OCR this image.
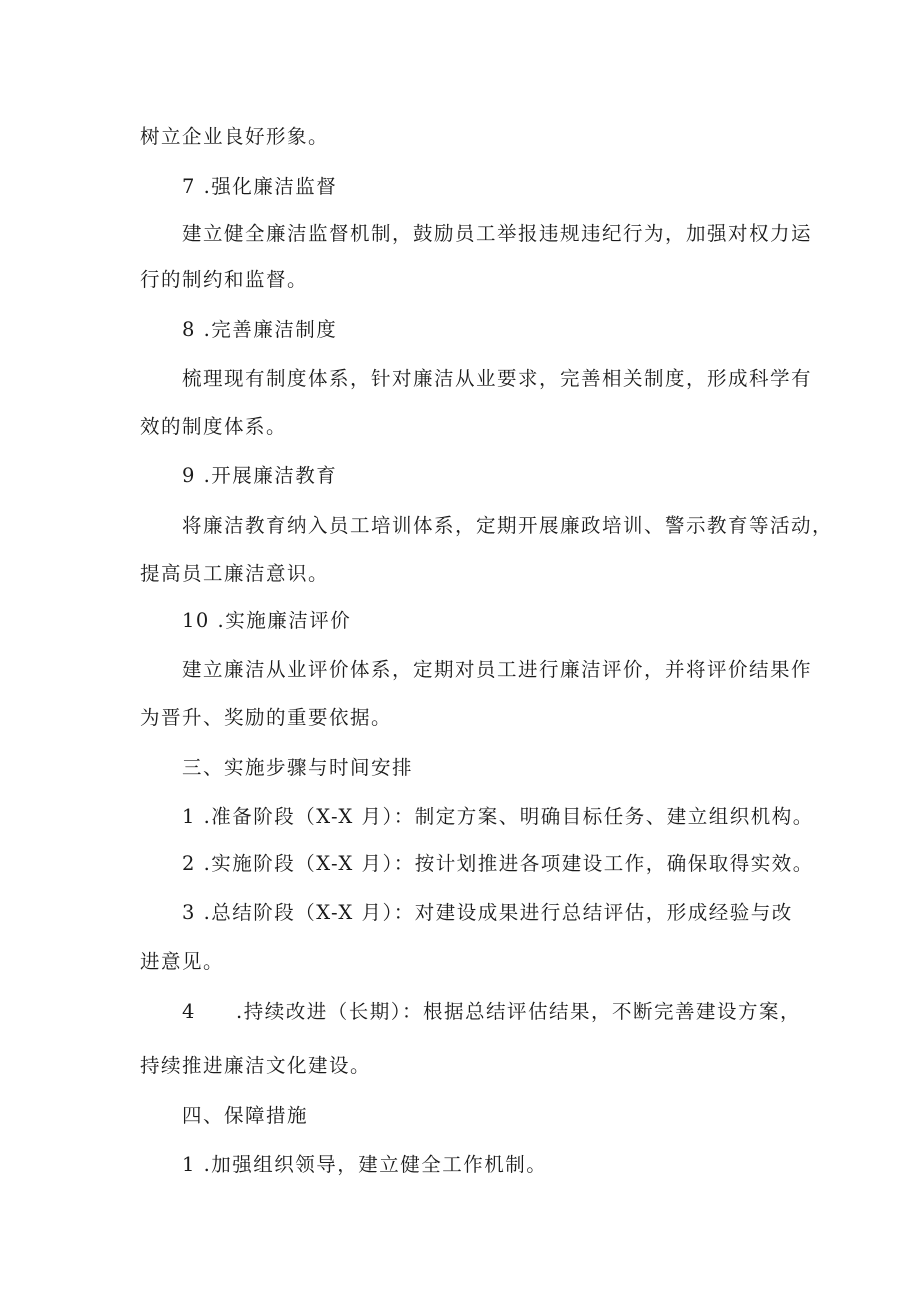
树立企业良好形象。
7 .强化廉洁监督
建立健全廉洁监督机制，鼓励员工举报违规违纪行为，加强对权力运
行的制约和监督。
8 .完善廉洁制度
梳理现有制度体系，针对廉洁从业要求，完善相关制度，形成科学有
效的制度体系。
9 .开展廉洁教育
将廉洁教育纳入员工培训体系，定期开展廉政培训、警示教育等活动，
提高员工廉洁意识。
10 .实施廉洁评价
建立廉洁从业评价体系，定期对员工进行廉洁评价，并将评价结果作
为晋升、奖励的重要依据。
三、实施步骤与时间安排
1 .准备阶段（X-X 月）：制定方案、明确目标任务、建立组织机构。
2 .实施阶段（X-X 月）：按计划推进各项建设工作，确保取得实效。
3 .总结阶段（X-X 月）：对建设成果进行总结评估，形成经验与改
进意见。
4 .持续改进（长期）：根据总结评估结果，不断完善建设方案，
持续推进廉洁文化建设。
四、保障措施
1 .加强组织领导，建立健全工作机制。
